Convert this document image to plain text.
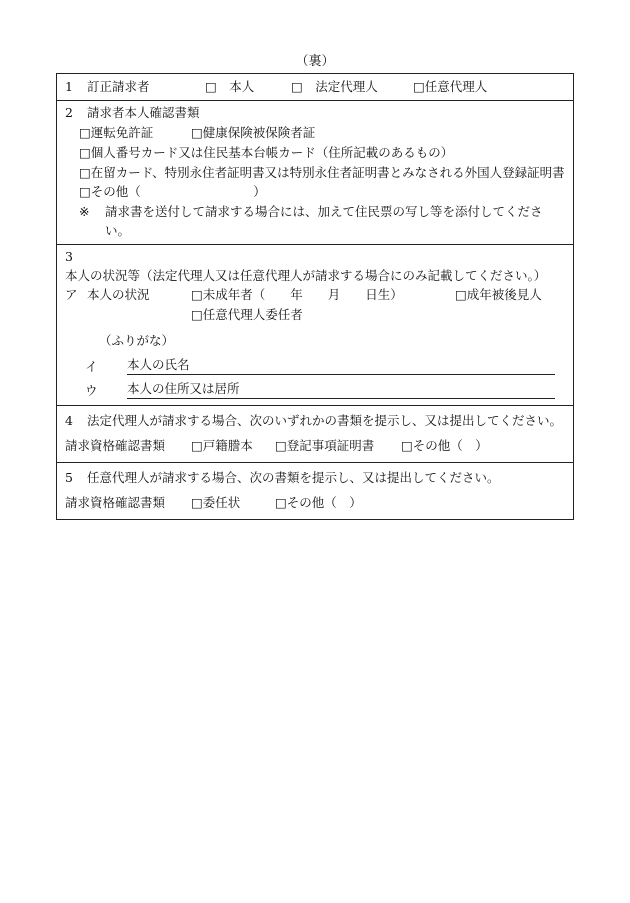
（裏）
1	訂正請求者	□　本人	□　法定代理人	□任意代理人
2	請求者本人確認書類
□運転免許証	□健康保険被保険者証
□個人番号カード又は住民基本台帳カード（住所記載のあるもの）
□在留カード、特別永住者証明書又は特別永住者証明書とみなされる外国人登録証明書
□その他（　　　　　　　　　）
※	請求書を送付して請求する場合には、加えて住民票の写し等を添付してください。
3本人の状況等（法定代理人又は任意代理人が請求する場合にのみ記載してください。）
ア 本人の状況	□未成年者（　　年　　月　　日生）	□成年被後見人
□任意代理人委任者
（ふりがな）
イ	本人の氏名
ウ	本人の住所又は居所
4 法定代理人が請求する場合、次のいずれかの書類を提示し、又は提出してください。
請求資格確認書類	□戸籍謄本	□登記事項証明書	□その他（　）
5	任意代理人が請求する場合、次の書類を提示し、又は提出してください。
請求資格確認書類	□委任状	□その他（　）
